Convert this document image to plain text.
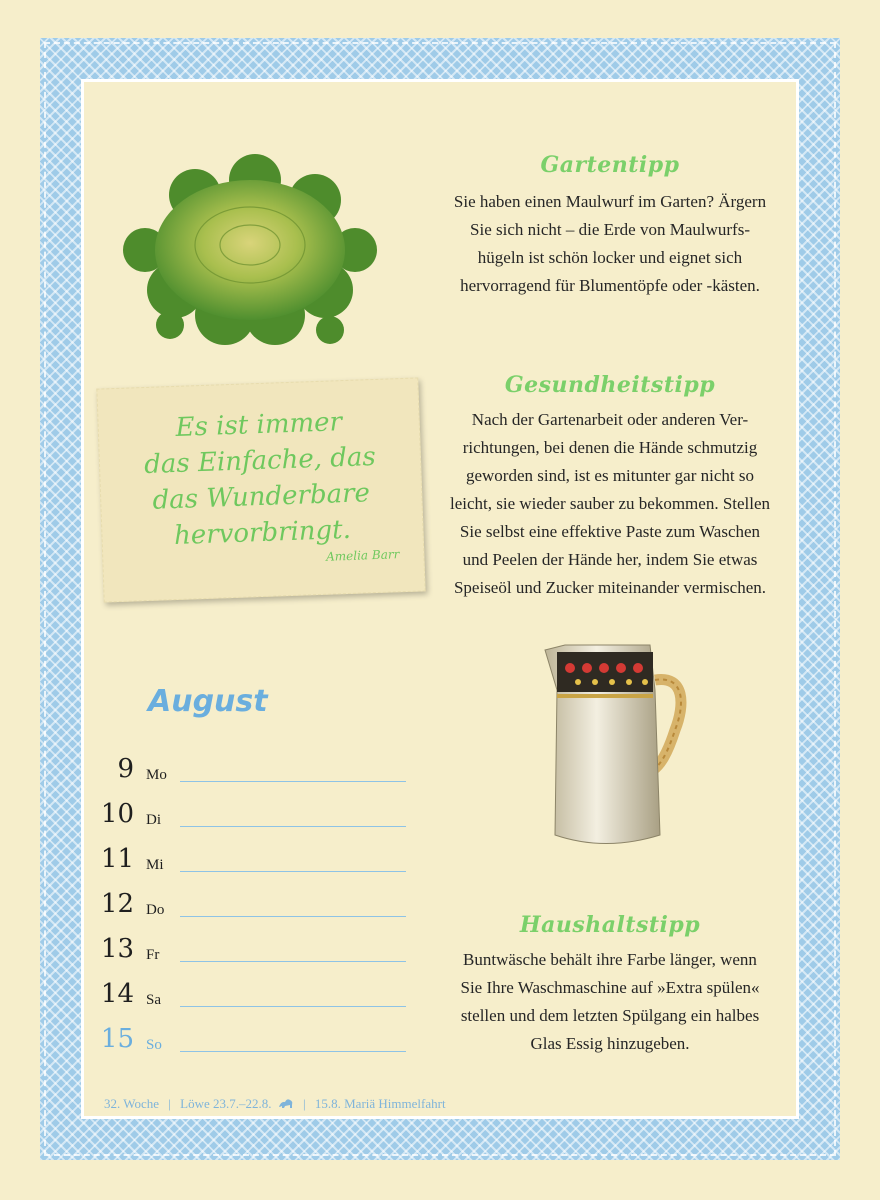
Gartentipp
Sie haben einen Maulwurf im Garten? Ärgern
Sie sich nicht – die Erde von Maulwurfs-
hügeln ist schön locker und eignet sich
hervorragend für Blumentöpfe oder -kästen.
Es ist immer
das Einfache, das
das Wunderbare
hervorbringt.
Amelia Barr
Gesundheitstipp
Nach der Gartenarbeit oder anderen Ver-
richtungen, bei denen die Hände schmutzig
geworden sind, ist es mitunter gar nicht so
leicht, sie wieder sauber zu bekommen. Stellen
Sie selbst eine effektive Paste zum Waschen
und Peelen der Hände her, indem Sie etwas
Speiseöl und Zucker miteinander vermischen.
August
9 Mo
10 Di
11 Mi
12 Do
13 Fr
14 Sa
15 So
Haushaltstipp
Buntwäsche behält ihre Farbe länger, wenn
Sie Ihre Waschmaschine auf »Extra spülen«
stellen und dem letzten Spülgang ein halbes
Glas Essig hinzugeben.
32. Woche | Löwe 23.7.–22.8. | 15.8. Mariä Himmelfahrt
